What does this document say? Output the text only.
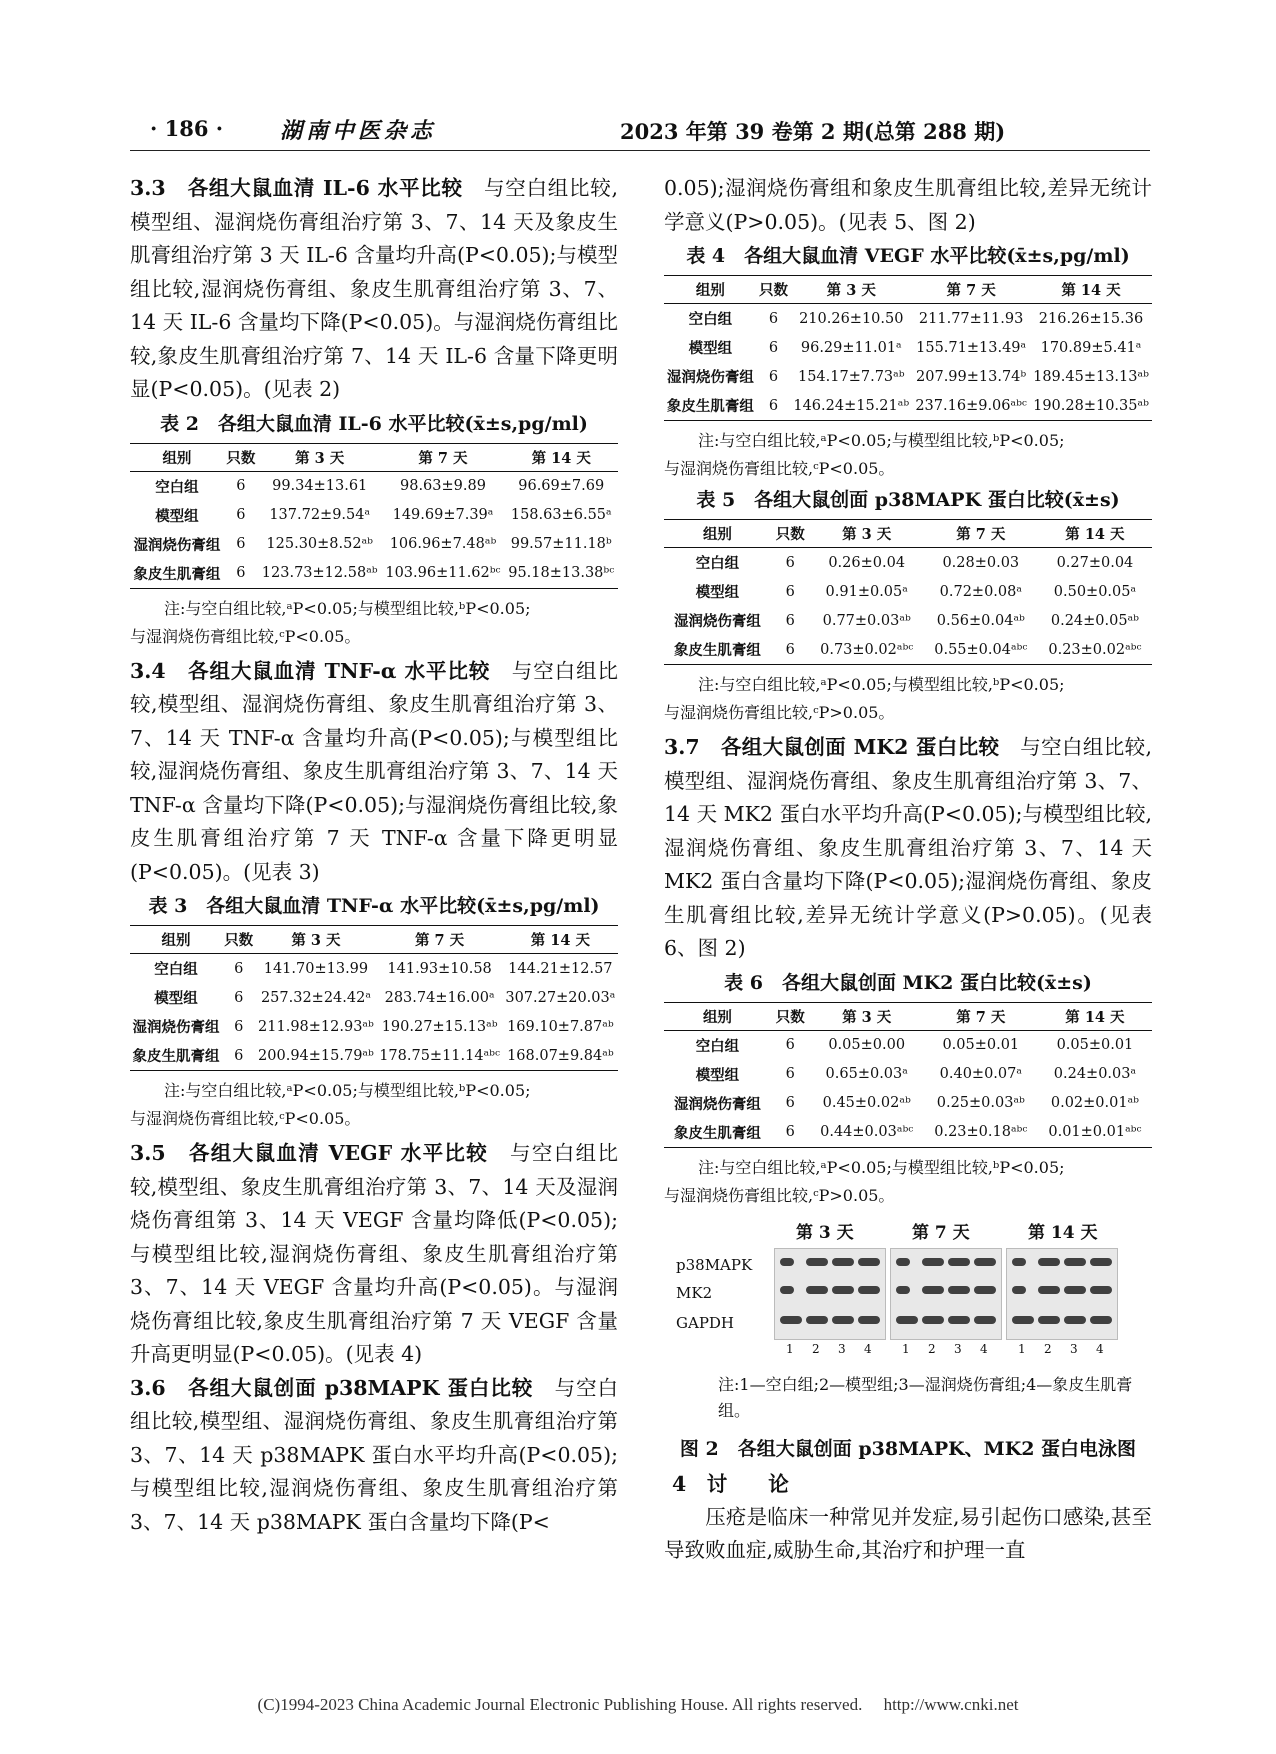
· 186 ·	湖南中医杂志	2023 年第 39 卷第 2 期(总第 288 期)

3.3　各组大鼠血清 IL-6 水平比较　与空白组比较,模型组、湿润烧伤膏组治疗第 3、7、14 天及象皮生肌膏组治疗第 3 天 IL-6 含量均升高(P<0.05);与模型组比较,湿润烧伤膏组、象皮生肌膏组治疗第 3、7、14 天 IL-6 含量均下降(P<0.05)。与湿润烧伤膏组比较,象皮生肌膏组治疗第 7、14 天 IL-6 含量下降更明显(P<0.05)。(见表 2)

表 2　各组大鼠血清 IL-6 水平比较(x̄±s,pg/ml)
组别	只数	第 3 天	第 7 天	第 14 天
空白组	6	99.34±13.61	98.63±9.89	96.69±7.69
模型组	6	137.72±9.54ᵃ	149.69±7.39ᵃ	158.63±6.55ᵃ
湿润烧伤膏组	6	125.30±8.52ᵃᵇ	106.96±7.48ᵃᵇ	99.57±11.18ᵇ
象皮生肌膏组	6	123.73±12.58ᵃᵇ	103.96±11.62ᵇᶜ	95.18±13.38ᵇᶜ
注:与空白组比较,ᵃP<0.05;与模型组比较,ᵇP<0.05;
与湿润烧伤膏组比较,ᶜP<0.05。

3.4　各组大鼠血清 TNF-α 水平比较　与空白组比较,模型组、湿润烧伤膏组、象皮生肌膏组治疗第 3、7、14 天 TNF-α 含量均升高(P<0.05);与模型组比较,湿润烧伤膏组、象皮生肌膏组治疗第 3、7、14 天 TNF-α 含量均下降(P<0.05);与湿润烧伤膏组比较,象皮生肌膏组治疗第 7 天 TNF-α 含量下降更明显(P<0.05)。(见表 3)

表 3　各组大鼠血清 TNF-α 水平比较(x̄±s,pg/ml)
组别	只数	第 3 天	第 7 天	第 14 天
空白组	6	141.70±13.99	141.93±10.58	144.21±12.57
模型组	6	257.32±24.42ᵃ	283.74±16.00ᵃ	307.27±20.03ᵃ
湿润烧伤膏组	6	211.98±12.93ᵃᵇ	190.27±15.13ᵃᵇ	169.10±7.87ᵃᵇ
象皮生肌膏组	6	200.94±15.79ᵃᵇ	178.75±11.14ᵃᵇᶜ	168.07±9.84ᵃᵇ
注:与空白组比较,ᵃP<0.05;与模型组比较,ᵇP<0.05;
与湿润烧伤膏组比较,ᶜP<0.05。

3.5　各组大鼠血清 VEGF 水平比较　与空白组比较,模型组、象皮生肌膏组治疗第 3、7、14 天及湿润烧伤膏组第 3、14 天 VEGF 含量均降低(P<0.05);与模型组比较,湿润烧伤膏组、象皮生肌膏组治疗第 3、7、14 天 VEGF 含量均升高(P<0.05)。与湿润烧伤膏组比较,象皮生肌膏组治疗第 7 天 VEGF 含量升高更明显(P<0.05)。(见表 4)

3.6　各组大鼠创面 p38MAPK 蛋白比较　与空白组比较,模型组、湿润烧伤膏组、象皮生肌膏组治疗第 3、7、14 天 p38MAPK 蛋白水平均升高(P<0.05);与模型组比较,湿润烧伤膏组、象皮生肌膏组治疗第 3、7、14 天 p38MAPK 蛋白含量均下降(P<

0.05);湿润烧伤膏组和象皮生肌膏组比较,差异无统计学意义(P>0.05)。(见表 5、图 2)

表 4　各组大鼠血清 VEGF 水平比较(x̄±s,pg/ml)
组别	只数	第 3 天	第 7 天	第 14 天
空白组	6	210.26±10.50	211.77±11.93	216.26±15.36
模型组	6	96.29±11.01ᵃ	155.71±13.49ᵃ	170.89±5.41ᵃ
湿润烧伤膏组	6	154.17±7.73ᵃᵇ	207.99±13.74ᵇ	189.45±13.13ᵃᵇ
象皮生肌膏组	6	146.24±15.21ᵃᵇ	237.16±9.06ᵃᵇᶜ	190.28±10.35ᵃᵇ
注:与空白组比较,ᵃP<0.05;与模型组比较,ᵇP<0.05;
与湿润烧伤膏组比较,ᶜP<0.05。
表 5　各组大鼠创面 p38MAPK 蛋白比较(x̄±s)
组别	只数	第 3 天	第 7 天	第 14 天
空白组	6	0.26±0.04	0.28±0.03	0.27±0.04
模型组	6	0.91±0.05ᵃ	0.72±0.08ᵃ	0.50±0.05ᵃ
湿润烧伤膏组	6	0.77±0.03ᵃᵇ	0.56±0.04ᵃᵇ	0.24±0.05ᵃᵇ
象皮生肌膏组	6	0.73±0.02ᵃᵇᶜ	0.55±0.04ᵃᵇᶜ	0.23±0.02ᵃᵇᶜ
注:与空白组比较,ᵃP<0.05;与模型组比较,ᵇP<0.05;
与湿润烧伤膏组比较,ᶜP>0.05。

3.7　各组大鼠创面 MK2 蛋白比较　与空白组比较,模型组、湿润烧伤膏组、象皮生肌膏组治疗第 3、7、14 天 MK2 蛋白水平均升高(P<0.05);与模型组比较,湿润烧伤膏组、象皮生肌膏组治疗第 3、7、14 天 MK2 蛋白含量均下降(P<0.05);湿润烧伤膏组、象皮生肌膏组比较,差异无统计学意义(P>0.05)。(见表 6、图 2)

表 6　各组大鼠创面 MK2 蛋白比较(x̄±s)
组别	只数	第 3 天	第 7 天	第 14 天
空白组	6	0.05±0.00	0.05±0.01	0.05±0.01
模型组	6	0.65±0.03ᵃ	0.40±0.07ᵃ	0.24±0.03ᵃ
湿润烧伤膏组	6	0.45±0.02ᵃᵇ	0.25±0.03ᵃᵇ	0.02±0.01ᵃᵇ
象皮生肌膏组	6	0.44±0.03ᵃᵇᶜ	0.23±0.18ᵃᵇᶜ	0.01±0.01ᵃᵇᶜ
注:与空白组比较,ᵃP<0.05;与模型组比较,ᵇP<0.05;
与湿润烧伤膏组比较,ᶜP>0.05。
第 3 天	第 7 天	第 14 天
p38MAPK
MK2
GAPDH
1 2 3 4	1 2 3 4	1 2 3 4
注:1—空白组;2—模型组;3—湿润烧伤膏组;4—象皮生肌膏组。
图 2　各组大鼠创面 p38MAPK、MK2 蛋白电泳图
4　讨　　论

　　压疮是临床一种常见并发症,易引起伤口感染,甚至导致败血症,威胁生命,其治疗和护理一直

(C)1994-2023 China Academic Journal Electronic Publishing House. All rights reserved.　 http://www.cnki.net
